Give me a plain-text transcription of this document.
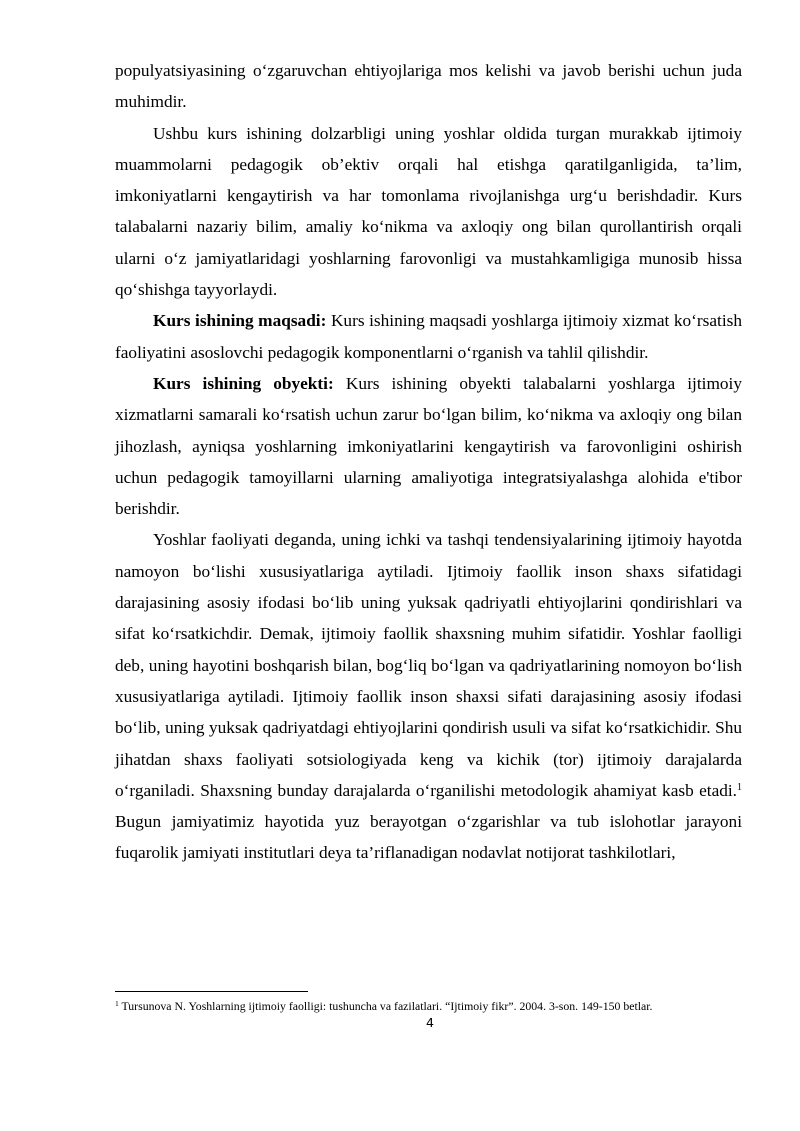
populyatsiyasining o‘zgaruvchan ehtiyojlariga mos kelishi va javob berishi uchun juda muhimdir.

Ushbu kurs ishining dolzarbligi uning yoshlar oldida turgan murakkab ijtimoiy muammolarni pedagogik ob’ektiv orqali hal etishga qaratilganligida, ta’lim, imkoniyatlarni kengaytirish va har tomonlama rivojlanishga urg‘u berishdadir. Kurs talabalarni nazariy bilim, amaliy ko‘nikma va axloqiy ong bilan qurollantirish orqali ularni o‘z jamiyatlaridagi yoshlarning farovonligi va mustahkamligiga munosib hissa qo‘shishga tayyorlaydi.

Kurs ishining maqsadi: Kurs ishining maqsadi yoshlarga ijtimoiy xizmat ko‘rsatish faoliyatini asoslovchi pedagogik komponentlarni o‘rganish va tahlil qilishdir.

Kurs ishining obyekti: Kurs ishining obyekti talabalarni yoshlarga ijtimoiy xizmatlarni samarali ko‘rsatish uchun zarur bo‘lgan bilim, ko‘nikma va axloqiy ong bilan jihozlash, ayniqsa yoshlarning imkoniyatlarini kengaytirish va farovonligini oshirish uchun pedagogik tamoyillarni ularning amaliyotiga integratsiyalashga alohida e'tibor berishdir.

Yoshlar faoliyati deganda, uning ichki va tashqi tendensiyalarining ijtimoiy hayotda namoyon bo‘lishi xususiyatlariga aytiladi. Ijtimoiy faollik inson shaxs sifatidagi darajasining asosiy ifodasi bo‘lib uning yuksak qadriyatli ehtiyojlarini qondirishlari va sifat ko‘rsatkichdir. Demak, ijtimoiy faollik shaxsning muhim sifatidir. Yoshlar faolligi deb, uning hayotini boshqarish bilan, bog‘liq bo‘lgan va qadriyatlarining nomoyon bo‘lish xususiyatlariga aytiladi. Ijtimoiy faollik inson shaxsi sifati darajasining asosiy ifodasi bo‘lib, uning yuksak qadriyatdagi ehtiyojlarini qondirish usuli va sifat ko‘rsatkichidir. Shu jihatdan shaxs faoliyati sotsiologiyada keng va kichik (tor) ijtimoiy darajalarda o‘rganiladi. Shaxsning bunday darajalarda o‘rganilishi metodologik ahamiyat kasb etadi.$^1$ Bugun jamiyatimiz hayotida yuz berayotgan o‘zgarishlar va tub islohotlar jarayoni fuqarolik jamiyati institutlari deya ta’riflanadigan nodavlat notijorat tashkilotlari,

$^1$ Tursunova N. Yoshlarning ijtimoiy faolligi: tushuncha va fazilatlari. “Ijtimoiy fikr”. 2004. 3-son. 149-150 betlar.
4
